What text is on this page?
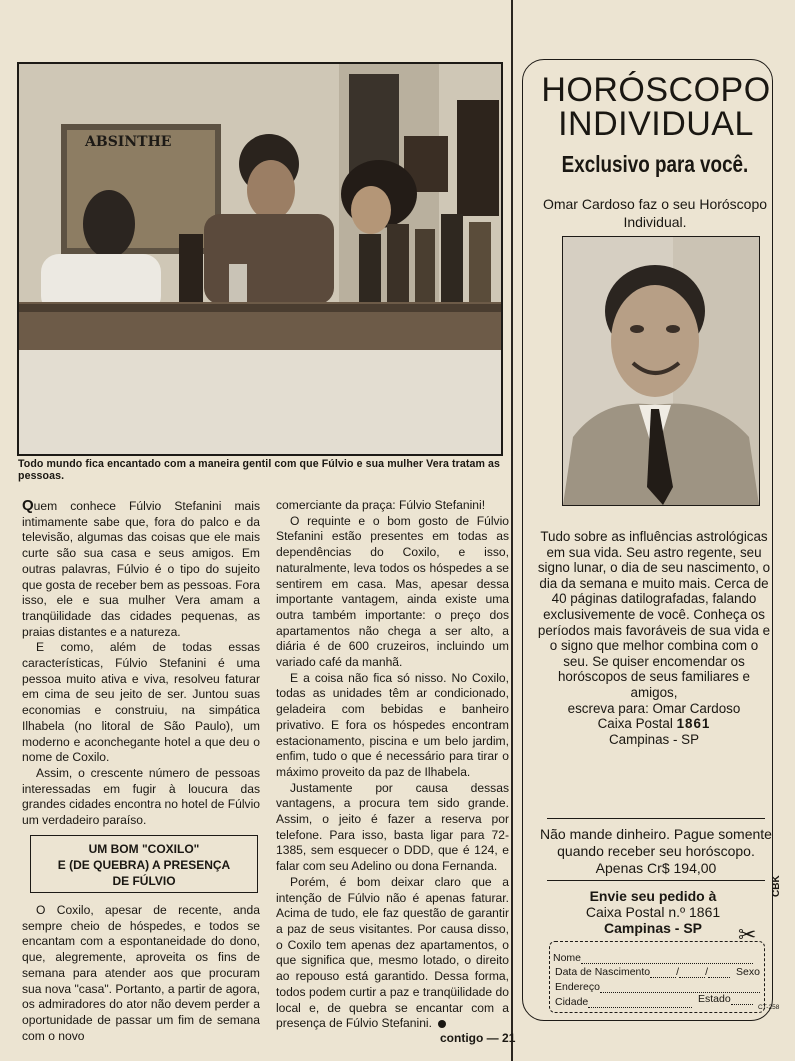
ABSINTHE
Todo mundo fica encantado com a maneira gentil com que Fúlvio e sua mulher Vera tratam as pessoas.

Quem conhece Fúlvio Stefanini mais intimamente sabe que, fora do palco e da televisão, algumas das coisas que ele mais curte são sua casa e seus amigos. Em outras palavras, Fúlvio é o tipo do sujeito que gosta de receber bem as pessoas. Fora isso, ele e sua mulher Vera amam a tranqüilidade das cidades pequenas, as praias distantes e a natureza.

E como, além de todas essas características, Fúlvio Stefanini é uma pessoa muito ativa e viva, resolveu faturar em cima de seu jeito de ser. Juntou suas economias e construiu, na simpática Ilhabela (no litoral de São Paulo), um moderno e aconchegante hotel a que deu o nome de Coxilo.

Assim, o crescente número de pessoas interessadas em fugir à loucura das grandes cidades encontra no hotel de Fúlvio um verdadeiro paraíso.

UM BOM "COXILO"
E (DE QUEBRA) A PRESENÇA
DE FÚLVIO

O Coxilo, apesar de recente, anda sempre cheio de hóspedes, e todos se encantam com a espontaneidade do dono, que, alegremente, aproveita os fins de semana para atender aos que procuram sua nova "casa". Portanto, a partir de agora, os admiradores do ator não devem perder a oportunidade de passar um fim de semana com o novo

comerciante da praça: Fúlvio Stefanini!

O requinte e o bom gosto de Fúlvio Stefanini estão presentes em todas as dependências do Coxilo, e isso, naturalmente, leva todos os hóspedes a se sentirem em casa. Mas, apesar dessa importante vantagem, ainda existe uma outra também importante: o preço dos apartamentos não chega a ser alto, a diária é de 600 cruzeiros, incluindo um variado café da manhã.

E a coisa não fica só nisso. No Coxilo, todas as unidades têm ar condicionado, geladeira com bebidas e banheiro privativo. E fora os hóspedes encontram estacionamento, piscina e um belo jardim, enfim, tudo o que é necessário para tirar o máximo proveito da paz de Ilhabela.

Justamente por causa dessas vantagens, a procura tem sido grande. Assim, o jeito é fazer a reserva por telefone. Para isso, basta ligar para 72-1385, sem esquecer o DDD, que é 124, e falar com seu Adelino ou dona Fernanda.

Porém, é bom deixar claro que a intenção de Fúlvio não é apenas faturar. Acima de tudo, ele faz questão de garantir a paz de seus visitantes. Por causa disso, o Coxilo tem apenas dez apartamentos, o que significa que, mesmo lotado, o direito ao repouso está garantido. Dessa forma, todos podem curtir a paz e tranqüilidade do local e, de quebra se encantar com a presença de Fúlvio Stefanini.

contigo — 21
HORÓSCOPO
INDIVIDUAL
Exclusivo para você.
Omar Cardoso faz o seu Horóscopo Individual.
Tudo sobre as influências astrológicas em sua vida. Seu astro regente, seu signo lunar, o dia de seu nascimento, o dia da semana e muito mais. Cerca de 40 páginas datilografadas, falando exclusivemente de você. Conheça os períodos mais favoráveis de sua vida e o signo que melhor combina com o seu. Se quiser encomendar os horóscopos de seus familiares e amigos,
escreva para: Omar Cardoso
Caixa Postal 1861
Campinas - SP
Não mande dinheiro. Pague somente quando receber seu horóscopo. Apenas Cr$ 194,00
Envie seu pedido à
Caixa Postal n.º 1861
Campinas - SP
CBK
✂
Nome
Data de Nascimento / /	Sexo
Endereço
Cidade	Estado
CT-258
